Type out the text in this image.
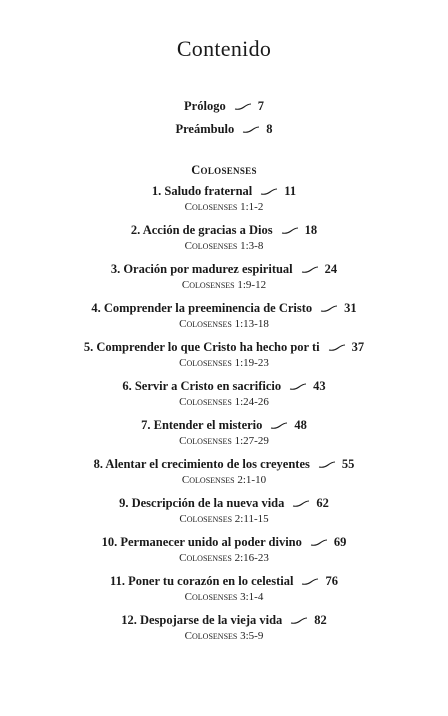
Contenido
Prólogo	7
Preámbulo	8
Colosenses
1. Saludo fraternal	11
Colosenses 1:1-2
2. Acción de gracias a Dios	18
Colosenses 1:3-8
3. Oración por madurez espiritual	24
Colosenses 1:9-12
4. Comprender la preeminencia de Cristo	31
Colosenses 1:13-18
5. Comprender lo que Cristo ha hecho por ti	37
Colosenses 1:19-23
6. Servir a Cristo en sacrificio	43
Colosenses 1:24-26
7. Entender el misterio	48
Colosenses 1:27-29
8. Alentar el crecimiento de los creyentes	55
Colosenses 2:1-10
9. Descripción de la nueva vida	62
Colosenses 2:11-15
10. Permanecer unido al poder divino	69
Colosenses 2:16-23
11. Poner tu corazón en lo celestial	76
Colosenses 3:1-4
12. Despojarse de la vieja vida	82
Colosenses 3:5-9
